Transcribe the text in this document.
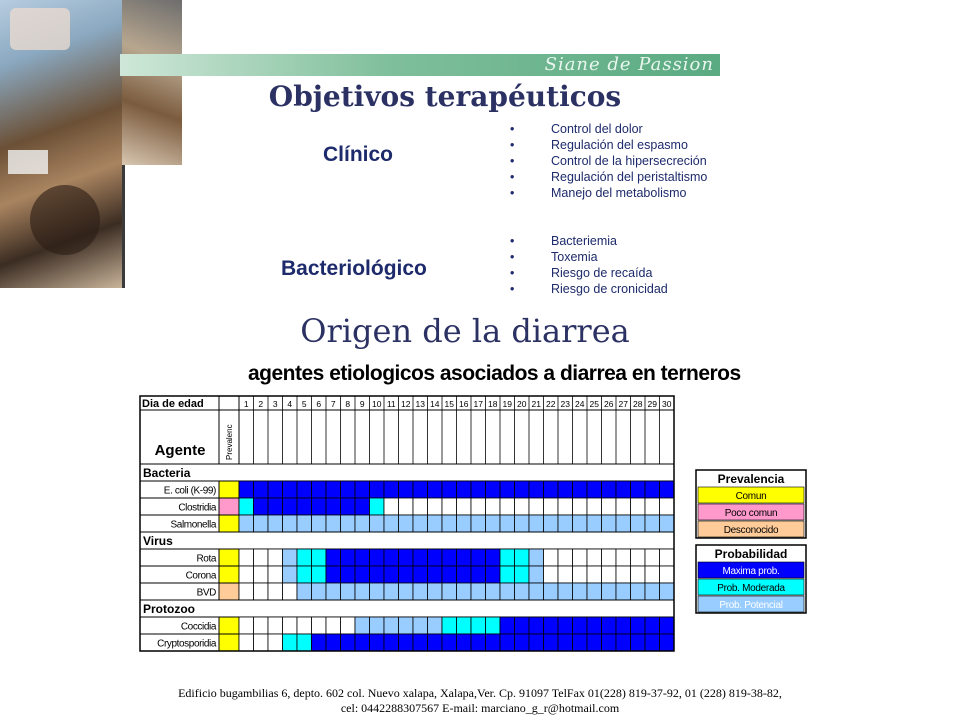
Siane de Passion
Objetivos terapéuticos
Clínico
• Control del dolor
• Regulación del espasmo
• Control de la hipersecreción
• Regulación del peristaltismo
• Manejo del metabolismo
Bacteriológico
• Bacteriemia
• Toxemia
• Riesgo de recaída
• Riesgo de cronicidad
Origen de la diarrea
agentes etiologicos asociados a diarrea en terneros
Dia de edad	1 2 3 4 5 6 7 8 9 10 11 12 13 14 15 16 17 18 19 20 21 22 23 24 25 26 27 28 29 30
Agente Prevalenc
Bacteria
E. coli (K-99)
Clostridia
Salmonella
Virus
Rota
Corona
BVD
Protozoo
Coccidia
Cryptosporidia
Prevalencia
Comun
Poco comun
Desconocido
Probabilidad
Maxima prob.
Prob. Moderada
Prob. Potencial
Edificio bugambilias 6, depto. 602 col. Nuevo xalapa, Xalapa,Ver. Cp. 91097 TelFax 01(228) 819-37-92, 01 (228) 819-38-82,
cel: 0442288307567 E-mail: marciano_g_r@hotmail.com
